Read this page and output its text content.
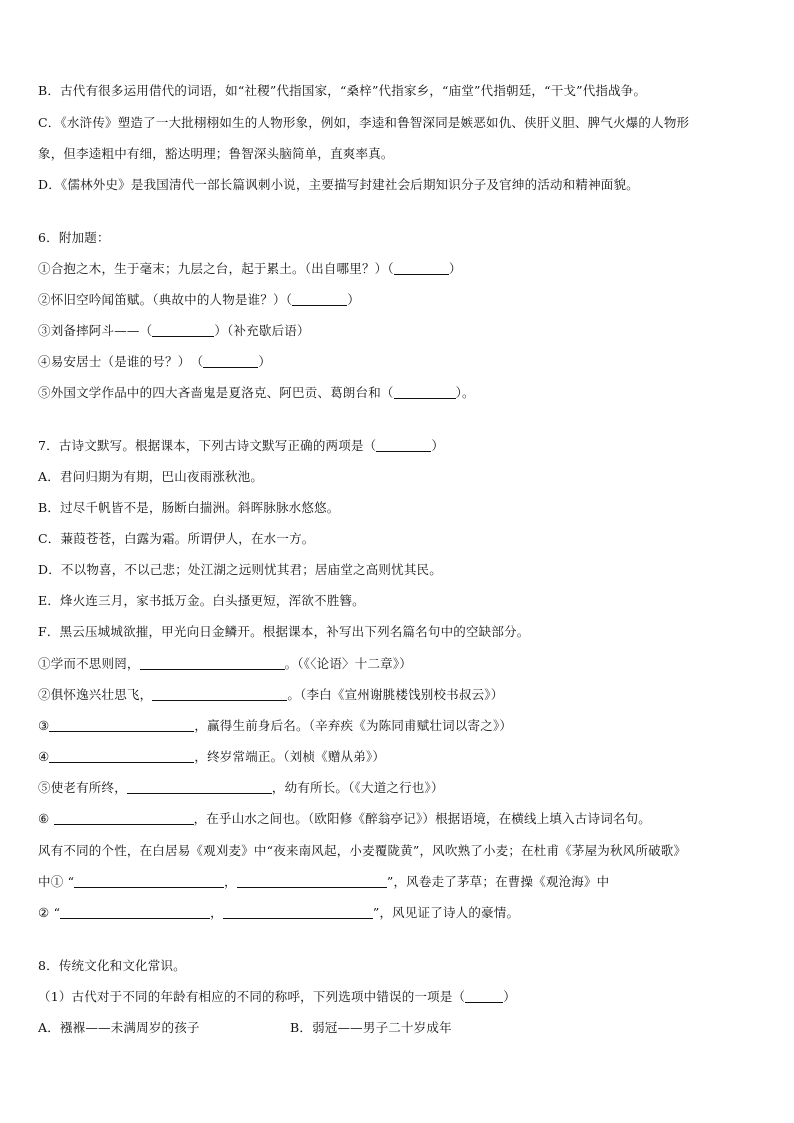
B．古代有很多运用借代的词语，如“社稷”代指国家，“桑梓”代指家乡，“庙堂”代指朝廷，“干戈”代指战争。
C．《水浒传》塑造了一大批栩栩如生的人物形象，例如，李逵和鲁智深同是嫉恶如仇、侠肝义胆、脾气火爆的人物形
象，但李逵粗中有细，豁达明理；鲁智深头脑简单，直爽率真。
D．《儒林外史》是我国清代一部长篇讽刺小说，主要描写封建社会后期知识分子及官绅的活动和精神面貌。
6．附加题：
①合抱之木，生于毫末；九层之台，起于累土。（出自哪里？）（	）
②怀旧空吟闻笛赋。（典故中的人物是谁？）（	）
③刘备摔阿斗——（	）（补充歇后语）
④易安居士（是谁的号？）　（	）
⑤外国文学作品中的四大吝啬鬼是夏洛克、阿巴贡、葛朗台和（	）。
7．古诗文默写。根据课本，下列古诗文默写正确的两项是（	）
A．君问归期为有期，巴山夜雨涨秋池。
B．过尽千帆皆不是，肠断白揣洲。斜晖脉脉水悠悠。
C．蒹葭苍苍，白露为霜。所谓伊人，在水一方。
D．不以物喜，不以己悲；处江湖之远则忧其君；居庙堂之高则忧其民。
E．烽火连三月，家书抵万金。白头搔更短，浑欲不胜簪。
F．黑云压城城欲摧，甲光向日金鳞开。根据课本，补写出下列名篇名句中的空缺部分。
①学而不思则罔，	。（《〈论语〉十二章》）
②俱怀逸兴壮思飞，	。（李白《宣州谢朓楼饯别校书叔云》）
③	，赢得生前身后名。（辛弃疾《为陈同甫赋壮词以寄之》）
④	，终岁常端正。（刘桢《赠从弟》）
⑤使老有所终，	，幼有所长。（《大道之行也》）
⑥	，在乎山水之间也。（欧阳修《醉翁亭记》）根据语境，在横线上填入古诗词名句。
风有不同的个性，在白居易《观刈麦》中“夜来南风起，小麦覆陇黄”，风吹熟了小麦；在杜甫《茅屋为秋风所破歌》
中① “	，	”，风卷走了茅草；在曹操《观沧海》中
② “	，	”，风见证了诗人的豪情。
8．传统文化和文化常识。
（1）古代对于不同的年龄有相应的不同的称呼，下列选项中错误的一项是（	）
A．襁褓——未满周岁的孩子	B．弱冠——男子二十岁成年
